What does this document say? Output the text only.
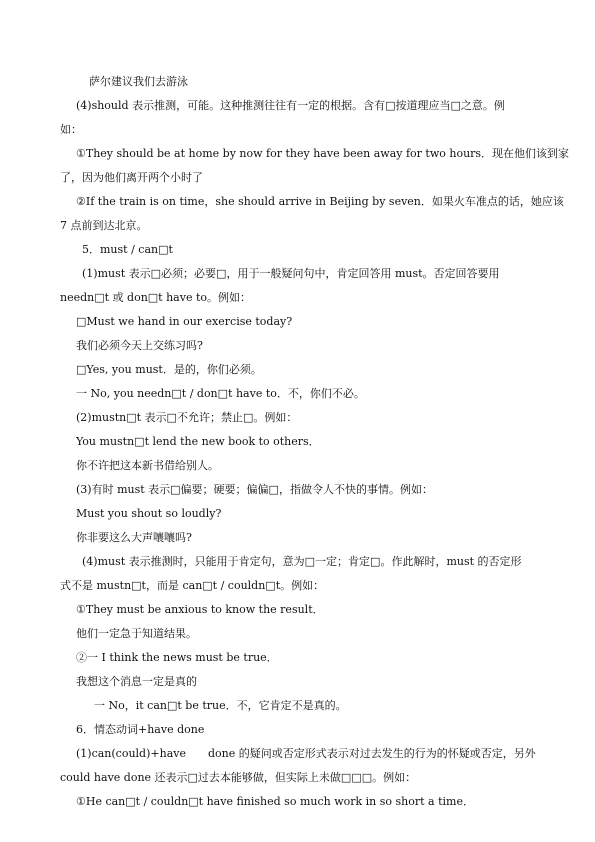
萨尔建议我们去游泳
(4)should 表示推测，可能。这种推测往往有一定的根据。含有□按道理应当□之意。例
如：
①They should be at home by now for they have been away for two hours．现在他们该到家
了，因为他们离开两个小时了
②If the train is on time，she should arrive in Beijing by seven．如果火车准点的话，她应该
7 点前到达北京。
5．must / can□t
(1)must 表示□必须；必要□，用于一般疑问句中，肯定回答用 must。否定回答要用
needn□t 或 don□t have to。例如：
□Must we hand in our exercise today?
我们必须今天上交练习吗?
□Yes, you must．是的，你们必须。
一 No, you needn□t / don□t have to．不，你们不必。
(2)mustn□t 表示□不允许；禁止□。例如：
You mustn□t lend the new book to others．
你不许把这本新书借给别人。
(3)有时 must 表示□偏要；硬要；偏偏□，指做令人不快的事情。例如：
Must you shout so loudly?
你非要这么大声嚷嚷吗?
(4)must 表示推测时，只能用于肯定句，意为□一定；肯定□。作此解时，must 的否定形
式不是 mustn□t，而是 can□t / couldn□t。例如：
①They must be anxious to know the result．
他们一定急于知道结果。
②一 I think the news must be true．
我想这个消息一定是真的
一 No，it can□t be true．不，它肯定不是真的。
6．情态动词+have done
(1)can(could)+have　　done 的疑问或否定形式表示对过去发生的行为的怀疑或否定，另外
could have done 还表示□过去本能够做，但实际上未做□□□。例如：
①He can□t / couldn□t have finished so much work in so short a time．
